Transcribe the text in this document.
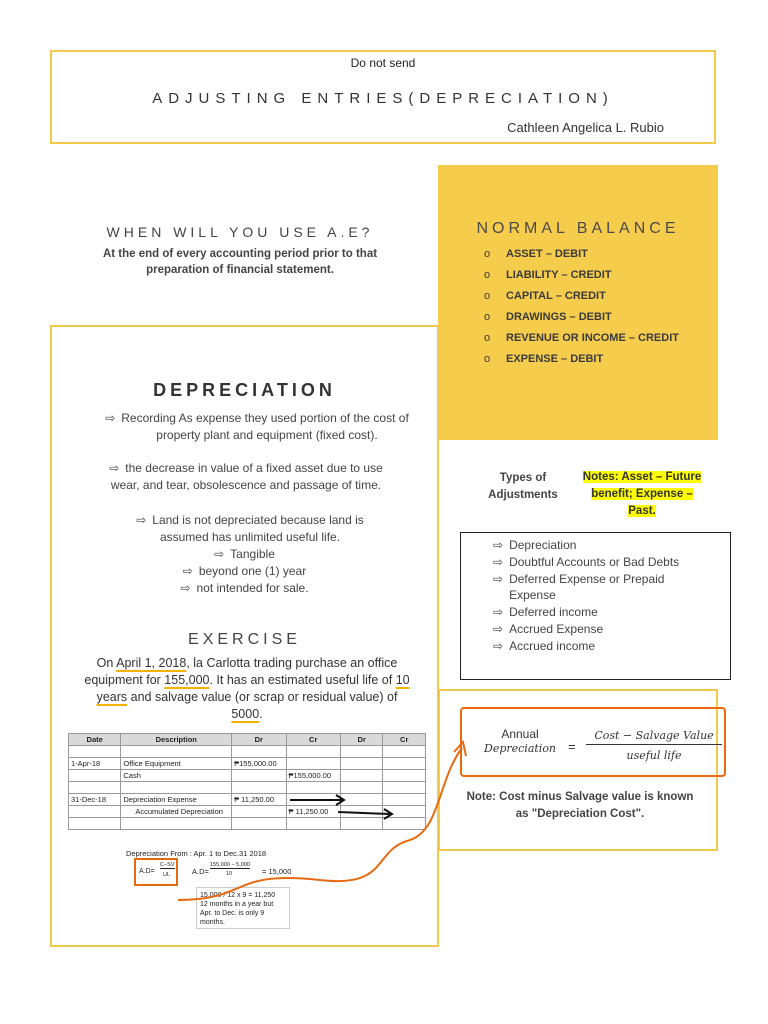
Do not send
ADJUSTING ENTRIES(DEPRECIATION)
Cathleen Angelica L. Rubio
WHEN WILL YOU USE A.E?
At the end of every accounting period prior to that preparation of financial statement.
NORMAL BALANCE
o ASSET – DEBIT
o LIABILITY – CREDIT
o CAPITAL – CREDIT
o DRAWINGS – DEBIT
o REVENUE OR INCOME – CREDIT
o EXPENSE – DEBIT
DEPRECIATION
⇨ Recording As expense they used portion of the cost of property plant and equipment (fixed cost).
⇨ the decrease in value of a fixed asset due to use wear, and tear, obsolescence and passage of time.
⇨ Land is not depreciated because land is assumed has unlimited useful life.
⇨ Tangible
⇨ beyond one (1) year
⇨ not intended for sale.
EXERCISE
On April 1, 2018, la Carlotta trading purchase an office equipment for 155,000. It has an estimated useful life of 10 years and salvage value (or scrap or residual value) of 5000.
Date	Description	Dr	Cr	Dr	Cr

1-Apr-18	Office Equipment	₱155,000.00			
	Cash		₱155,000.00		

31-Dec-18	Depreciation Expense	₱ 11,250.00			
	Accumulated Depreciation		₱ 11,250.00		

Depreciation From : Apr. 1 to Dec.31 2018
A.D=
C−SV
UL	A.D=
155,000 − 5,000
10	= 15,000
15,000 / 12 x 9 = 11,250
12 months in a year but Apr. to Dec. is only 9 months.
Types of Adjustments
Notes: Asset – Future benefit; Expense – Past.
⇨ Depreciation
⇨ Doubtful Accounts or Bad Debts
⇨ Deferred Expense or Prepaid Expense
⇨ Deferred income
⇨ Accrued Expense
⇨ Accrued income
Annual
Depreciation =
Cost − Salvage Value
useful life
Note: Cost minus Salvage value is known as "Depreciation Cost".
